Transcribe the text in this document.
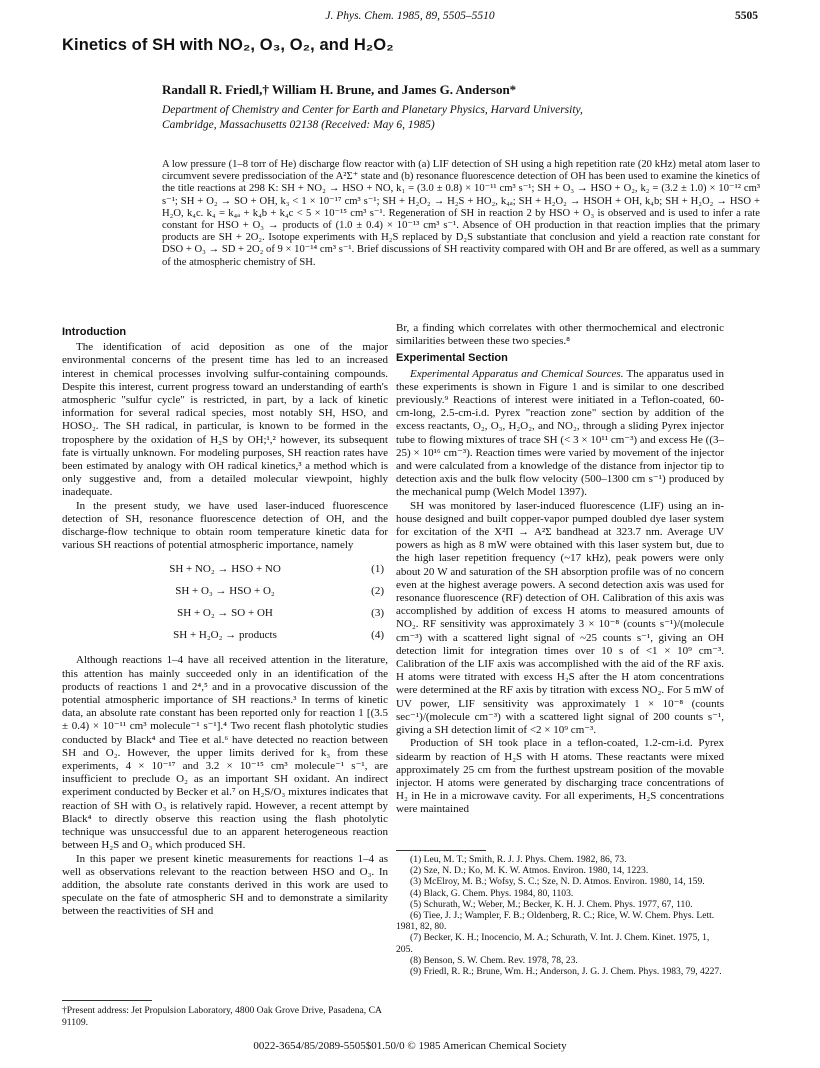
J. Phys. Chem. 1985, 89, 5505–5510	5505
Kinetics of SH with NO₂, O₃, O₂, and H₂O₂
Randall R. Friedl,† William H. Brune, and James G. Anderson*
Department of Chemistry and Center for Earth and Planetary Physics, Harvard University,
Cambridge, Massachusetts 02138 (Received: May 6, 1985)
A low pressure (1–8 torr of He) discharge flow reactor with (a) LIF detection of SH using a high repetition rate (20 kHz) metal atom laser to circumvent severe predissociation of the A²Σ⁺ state and (b) resonance fluorescence detection of OH has been used to examine the kinetics of the title reactions at 298 K: SH + NO₂ → HSO + NO, k₁ = (3.0 ± 0.8) × 10⁻¹¹ cm³ s⁻¹; SH + O₃ → HSO + O₂, k₂ = (3.2 ± 1.0) × 10⁻¹² cm³ s⁻¹; SH + O₂ → SO + OH, k₃ < 1 × 10⁻¹⁷ cm³ s⁻¹; SH + H₂O₂ → H₂S + HO₂, k₄ₐ; SH + H₂O₂ → HSOH + OH, k₄b; SH + H₂O₂ → HSO + H₂O, k₄c. k₄ = k₄ₐ + k₄b + k₄c < 5 × 10⁻¹⁵ cm³ s⁻¹. Regeneration of SH in reaction 2 by HSO + O₃ is observed and is used to infer a rate constant for HSO + O₃ → products of (1.0 ± 0.4) × 10⁻¹³ cm³ s⁻¹. Absence of OH production in that reaction implies that the primary products are SH + 2O₂. Isotope experiments with H₂S replaced by D₂S substantiate that conclusion and yield a reaction rate constant for DSO + O₃ → SD + 2O₂ of 9 × 10⁻¹⁴ cm³ s⁻¹. Brief discussions of SH reactivity compared with OH and Br are offered, as well as a summary of the atmospheric chemistry of SH.
Introduction

The identification of acid deposition as one of the major environmental concerns of the present time has led to an increased interest in chemical processes involving sulfur-containing compounds. Despite this interest, current progress toward an understanding of earth's atmospheric "sulfur cycle" is restricted, in part, by a lack of kinetic information for several radical species, most notably SH, HSO, and HOSO₂. The SH radical, in particular, is known to be formed in the troposphere by the oxidation of H₂S by OH;¹,² however, its subsequent fate is virtually unknown. For modeling purposes, SH reaction rates have been estimated by analogy with OH radical kinetics,³ a method which is only suggestive and, from a detailed molecular viewpoint, highly inadequate.

In the present study, we have used laser-induced fluorescence detection of SH, resonance fluorescence detection of OH, and the discharge-flow technique to obtain room temperature kinetic data for various SH reactions of potential atmospheric importance, namely

SH + NO₂ → HSO + NO	(1)
SH + O₃ → HSO + O₂	(2)
SH + O₂ → SO + OH	(3)
SH + H₂O₂ → products	(4)

Although reactions 1–4 have all received attention in the literature, this attention has mainly succeeded only in an identification of the products of reactions 1 and 2⁴,⁵ and in a provocative discussion of the potential atmospheric importance of SH reactions.³ In terms of kinetic data, an absolute rate constant has been reported only for reaction 1 [(3.5 ± 0.4) × 10⁻¹¹ cm³ molecule⁻¹ s⁻¹].⁴ Two recent flash photolytic studies conducted by Black⁴ and Tiee et al.⁶ have detected no reaction between SH and O₂. However, the upper limits derived for k₃ from these experiments, 4 × 10⁻¹⁷ and 3.2 × 10⁻¹⁵ cm³ molecule⁻¹ s⁻¹, are insufficient to preclude O₂ as an important SH oxidant. An indirect experiment conducted by Becker et al.⁷ on H₂S/O₃ mixtures indicates that reaction of SH with O₃ is relatively rapid. However, a recent attempt by Black⁴ to directly observe this reaction using the flash photolytic technique was unsuccessful due to an apparent heterogeneous reaction between H₂S and O₃ which produced SH.

In this paper we present kinetic measurements for reactions 1–4 as well as observations relevant to the reaction between HSO and O₃. In addition, the absolute rate constants derived in this work are used to speculate on the fate of atmospheric SH and to demonstrate a similarity between the reactivities of SH and

†Present address: Jet Propulsion Laboratory, 4800 Oak Grove Drive, Pasadena, CA 91109.

Br, a finding which correlates with other thermochemical and electronic similarities between these two species.⁸

Experimental Section

Experimental Apparatus and Chemical Sources. The apparatus used in these experiments is shown in Figure 1 and is similar to one described previously.⁹ Reactions of interest were initiated in a Teflon-coated, 60-cm-long, 2.5-cm-i.d. Pyrex "reaction zone" section by addition of the excess reactants, O₂, O₃, H₂O₂, and NO₂, through a sliding Pyrex injector tube to flowing mixtures of trace SH (< 3 × 10¹¹ cm⁻³) and excess He ((3–25) × 10¹⁶ cm⁻³). Reaction times were varied by movement of the injector and were calculated from a knowledge of the distance from injector tip to detection axis and the bulk flow velocity (500–1300 cm s⁻¹) produced by the mechanical pump (Welch Model 1397).

SH was monitored by laser-induced fluorescence (LIF) using an in-house designed and built copper-vapor pumped doubled dye laser system for excitation of the X²Π → A²Σ bandhead at 323.7 nm. Average UV powers as high as 8 mW were obtained with this laser system but, due to the high laser repetition frequency (~17 kHz), peak powers were only about 20 W and saturation of the SH absorption profile was of no concern even at the highest average powers. A second detection axis was used for resonance fluorescence (RF) detection of OH. Calibration of this axis was accomplished by addition of excess H atoms to measured amounts of NO₂. RF sensitivity was approximately 3 × 10⁻⁸ (counts s⁻¹)/(molecule cm⁻³) with a scattered light signal of ~25 counts s⁻¹, giving an OH detection limit for integration times over 10 s of <1 × 10⁹ cm⁻³. Calibration of the LIF axis was accomplished with the aid of the RF axis. H atoms were titrated with excess H₂S after the H atom concentrations were determined at the RF axis by titration with excess NO₂. For 5 mW of UV power, LIF sensitivity was approximately 1 × 10⁻⁸ (counts sec⁻¹)/(molecule cm⁻³) with a scattered light signal of 200 counts s⁻¹, giving a SH detection limit of <2 × 10⁹ cm⁻³.

Production of SH took place in a teflon-coated, 1.2-cm-i.d. Pyrex sidearm by reaction of H₂S with H atoms. These reactants were mixed approximately 25 cm from the furthest upstream position of the movable injector. H atoms were generated by discharging trace concentrations of H₂ in He in a microwave cavity. For all experiments, H₂S concentrations were maintained

(1) Leu, M. T.; Smith, R. J. J. Phys. Chem. 1982, 86, 73.
(2) Sze, N. D.; Ko, M. K. W. Atmos. Environ. 1980, 14, 1223.
(3) McElroy, M. B.; Wofsy, S. C.; Sze, N. D. Atmos. Environ. 1980, 14, 159.
(4) Black, G. Chem. Phys. 1984, 80, 1103.
(5) Schurath, W.; Weber, M.; Becker, K. H. J. Chem. Phys. 1977, 67, 110.
(6) Tiee, J. J.; Wampler, F. B.; Oldenberg, R. C.; Rice, W. W. Chem. Phys. Lett. 1981, 82, 80.
(7) Becker, K. H.; Inocencio, M. A.; Schurath, V. Int. J. Chem. Kinet. 1975, 1, 205.
(8) Benson, S. W. Chem. Rev. 1978, 78, 23.
(9) Friedl, R. R.; Brune, Wm. H.; Anderson, J. G. J. Chem. Phys. 1983, 79, 4227.
0022-3654/85/2089-5505$01.50/0 © 1985 American Chemical Society
